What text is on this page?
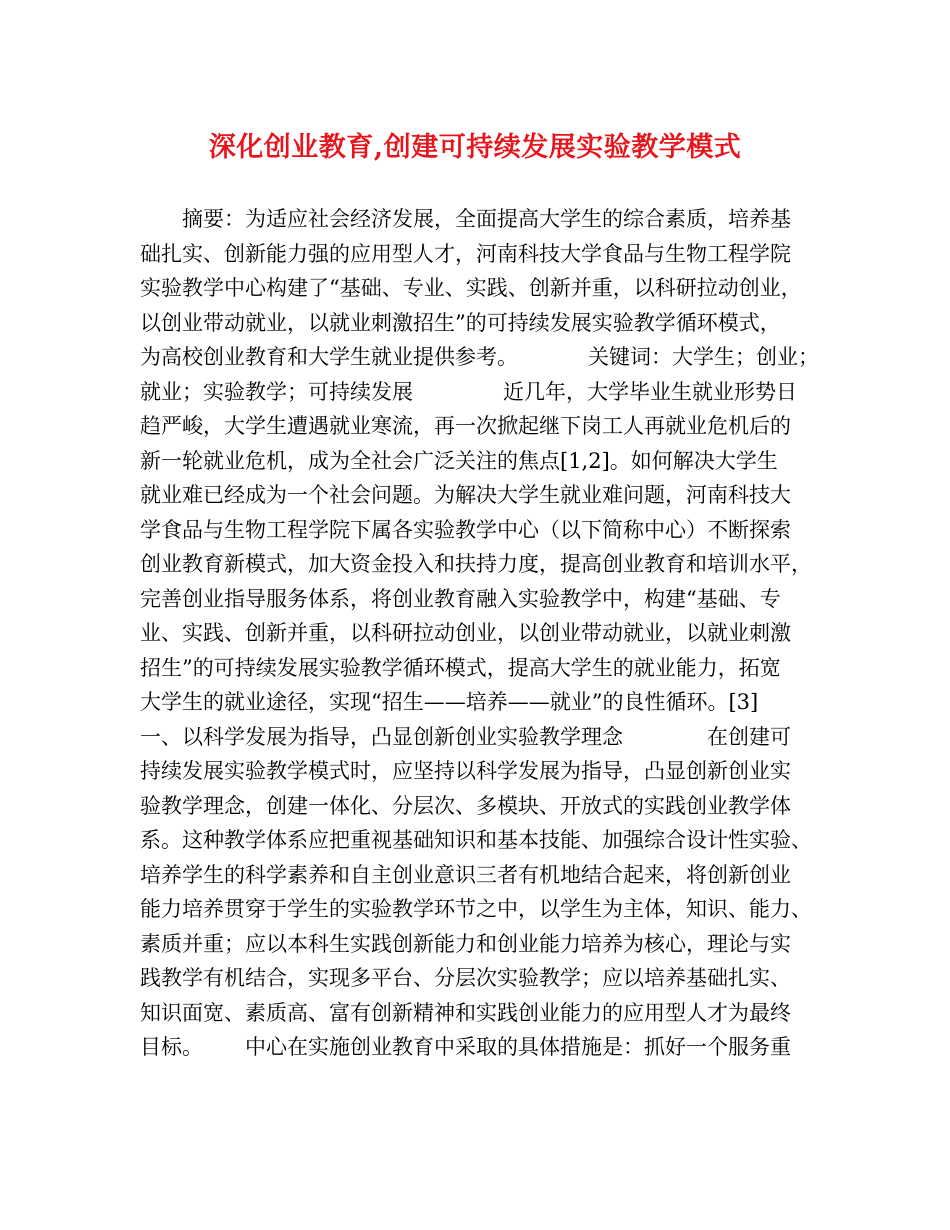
深化创业教育,创建可持续发展实验教学模式
摘要：为适应社会经济发展，全面提高大学生的综合素质，培养基
础扎实、创新能力强的应用型人才，河南科技大学食品与生物工程学院
实验教学中心构建了“基础、专业、实践、创新并重，以科研拉动创业，
以创业带动就业，以就业刺激招生”的可持续发展实验教学循环模式，
为高校创业教育和大学生就业提供参考。	关键词：大学生；创业；
就业；实验教学；可持续发展	近几年，大学毕业生就业形势日
趋严峻，大学生遭遇就业寒流，再一次掀起继下岗工人再就业危机后的
新一轮就业危机，成为全社会广泛关注的焦点[1,2]。如何解决大学生
就业难已经成为一个社会问题。为解决大学生就业难问题，河南科技大
学食品与生物工程学院下属各实验教学中心（以下简称中心）不断探索
创业教育新模式，加大资金投入和扶持力度，提高创业教育和培训水平，
完善创业指导服务体系，将创业教育融入实验教学中，构建“基础、专
业、实践、创新并重，以科研拉动创业，以创业带动就业，以就业刺激
招生”的可持续发展实验教学循环模式，提高大学生的就业能力，拓宽
大学生的就业途径，实现“招生——培养——就业”的良性循环。[3]
一、以科学发展为指导，凸显创新创业实验教学理念	在创建可
持续发展实验教学模式时，应坚持以科学发展为指导，凸显创新创业实
验教学理念，创建一体化、分层次、多模块、开放式的实践创业教学体
系。这种教学体系应把重视基础知识和基本技能、加强综合设计性实验、
培养学生的科学素养和自主创业意识三者有机地结合起来，将创新创业
能力培养贯穿于学生的实验教学环节之中，以学生为主体，知识、能力、
素质并重；应以本科生实践创新能力和创业能力培养为核心，理论与实
践教学有机结合，实现多平台、分层次实验教学；应以培养基础扎实、
知识面宽、素质高、富有创新精神和实践创业能力的应用型人才为最终
目标。 中心在实施创业教育中采取的具体措施是：抓好一个服务重
